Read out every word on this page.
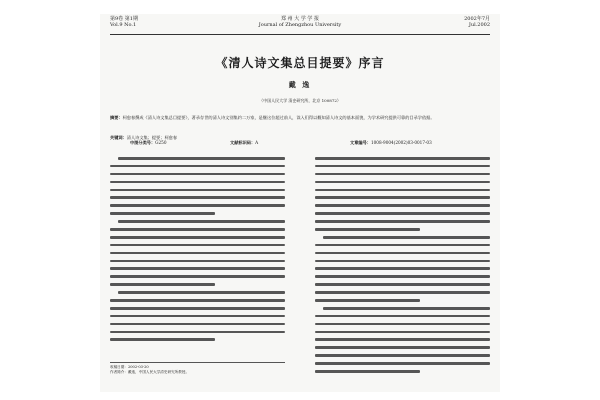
第9卷 第1期
Vol.9 No.1
郑 州 大 学 学 报
Journal of Zhengzhou University
2002年7月
Jul.2002
《清人诗文集总目提要》序言
戴 逸
（中国人民大学 清史研究所，北京 100872）
摘要：柯愈春撰成《清人诗文集总目提要》，著录存世的清人诗文别集约二万家，是继这位超过前人，读入们得以概知清人诗文的基本面貌，为学术研究提供可靠的目录学依据。
关键词：清人诗文集；提要；柯愈春
中图分类号：G250	文献标识码：A	文章编号：1008-9004(2002)03-0017-03
收稿日期：2002-03-20
作者简介：戴逸，中国人民大学清史研究所教授。
